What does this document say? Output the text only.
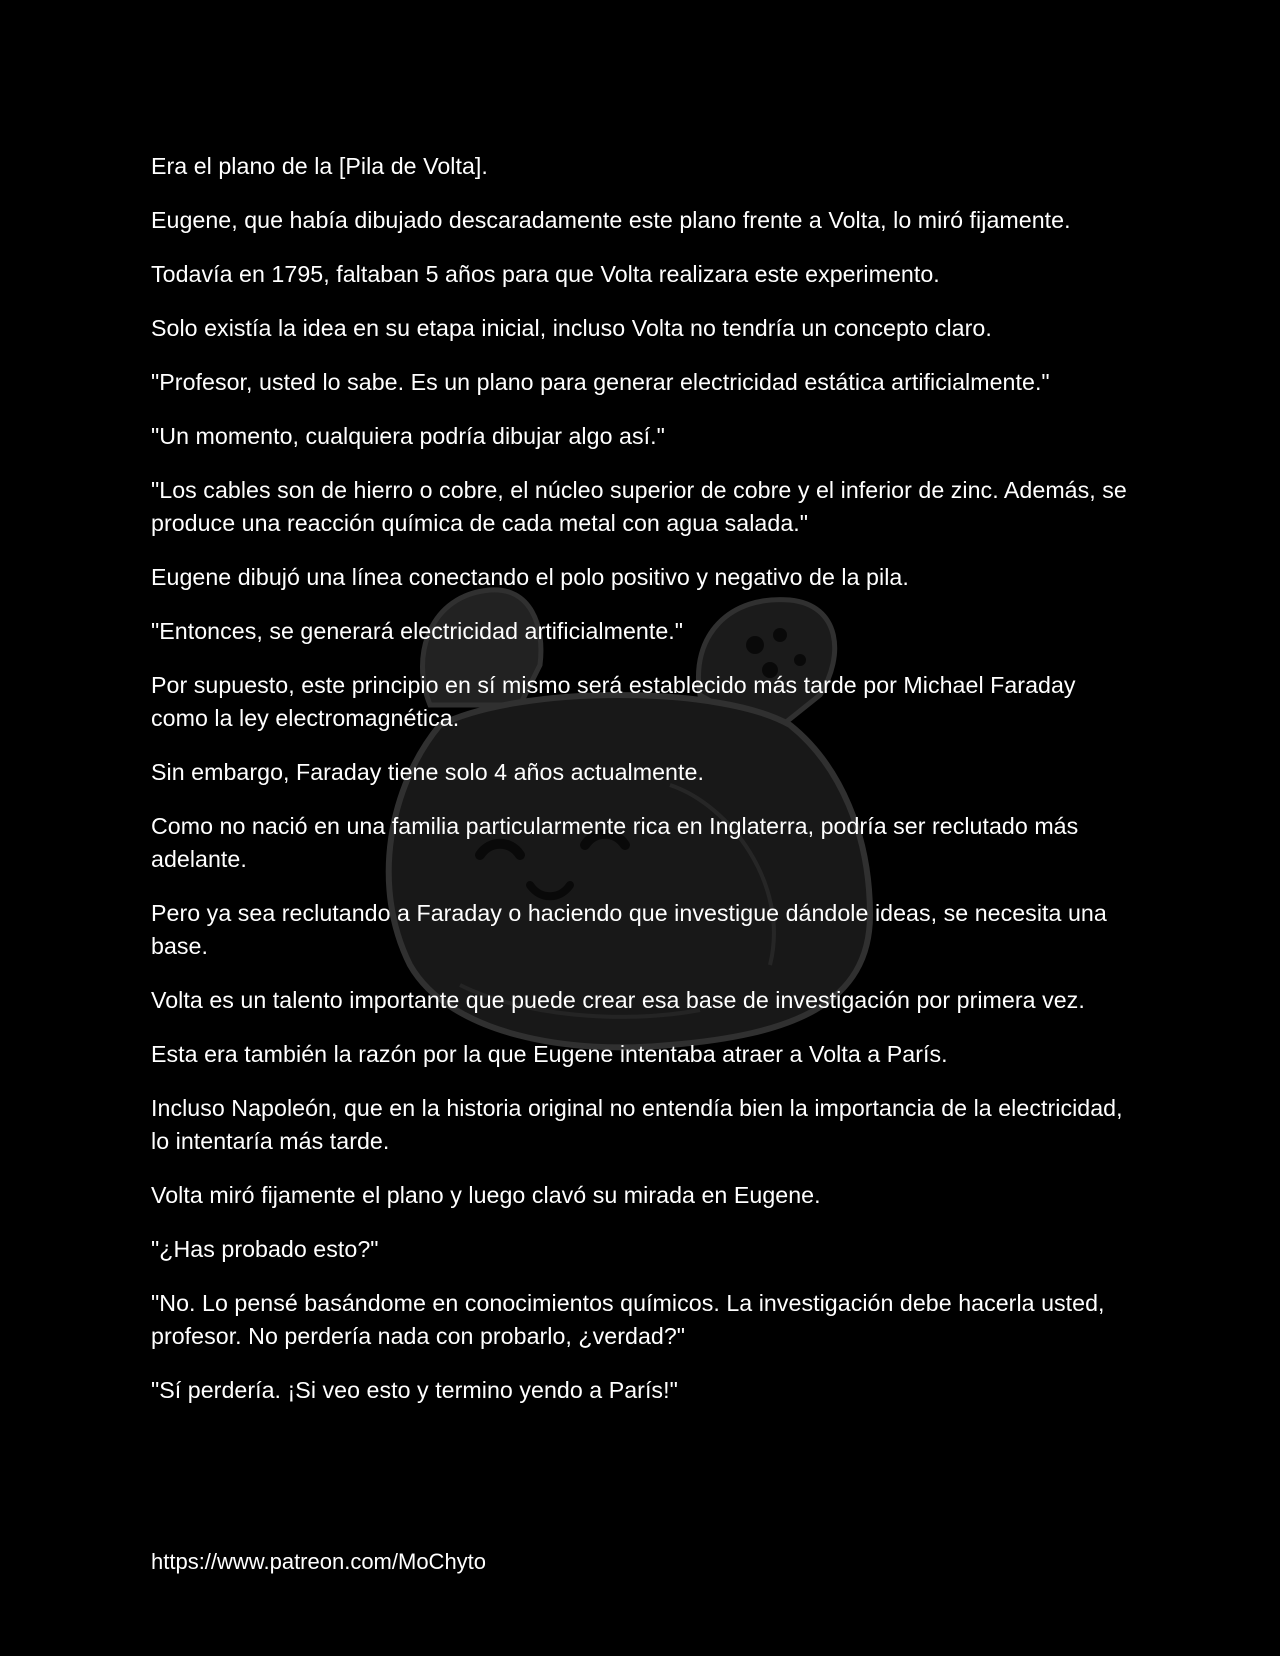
Era el plano de la [Pila de Volta].

Eugene, que había dibujado descaradamente este plano frente a Volta, lo miró fijamente.

Todavía en 1795, faltaban 5 años para que Volta realizara este experimento.

Solo existía la idea en su etapa inicial, incluso Volta no tendría un concepto claro.

"Profesor, usted lo sabe. Es un plano para generar electricidad estática artificialmente."

"Un momento, cualquiera podría dibujar algo así."

"Los cables son de hierro o cobre, el núcleo superior de cobre y el inferior de zinc. Además, se produce una reacción química de cada metal con agua salada."

Eugene dibujó una línea conectando el polo positivo y negativo de la pila.

"Entonces, se generará electricidad artificialmente."

Por supuesto, este principio en sí mismo será establecido más tarde por Michael Faraday como la ley electromagnética.

Sin embargo, Faraday tiene solo 4 años actualmente.

Como no nació en una familia particularmente rica en Inglaterra, podría ser reclutado más adelante.

Pero ya sea reclutando a Faraday o haciendo que investigue dándole ideas, se necesita una base.

Volta es un talento importante que puede crear esa base de investigación por primera vez.

Esta era también la razón por la que Eugene intentaba atraer a Volta a París.

Incluso Napoleón, que en la historia original no entendía bien la importancia de la electricidad, lo intentaría más tarde.

Volta miró fijamente el plano y luego clavó su mirada en Eugene.

"¿Has probado esto?"

"No. Lo pensé basándome en conocimientos químicos. La investigación debe hacerla usted, profesor. No perdería nada con probarlo, ¿verdad?"

"Sí perdería. ¡Si veo esto y termino yendo a París!"

https://www.patreon.com/MoChyto
